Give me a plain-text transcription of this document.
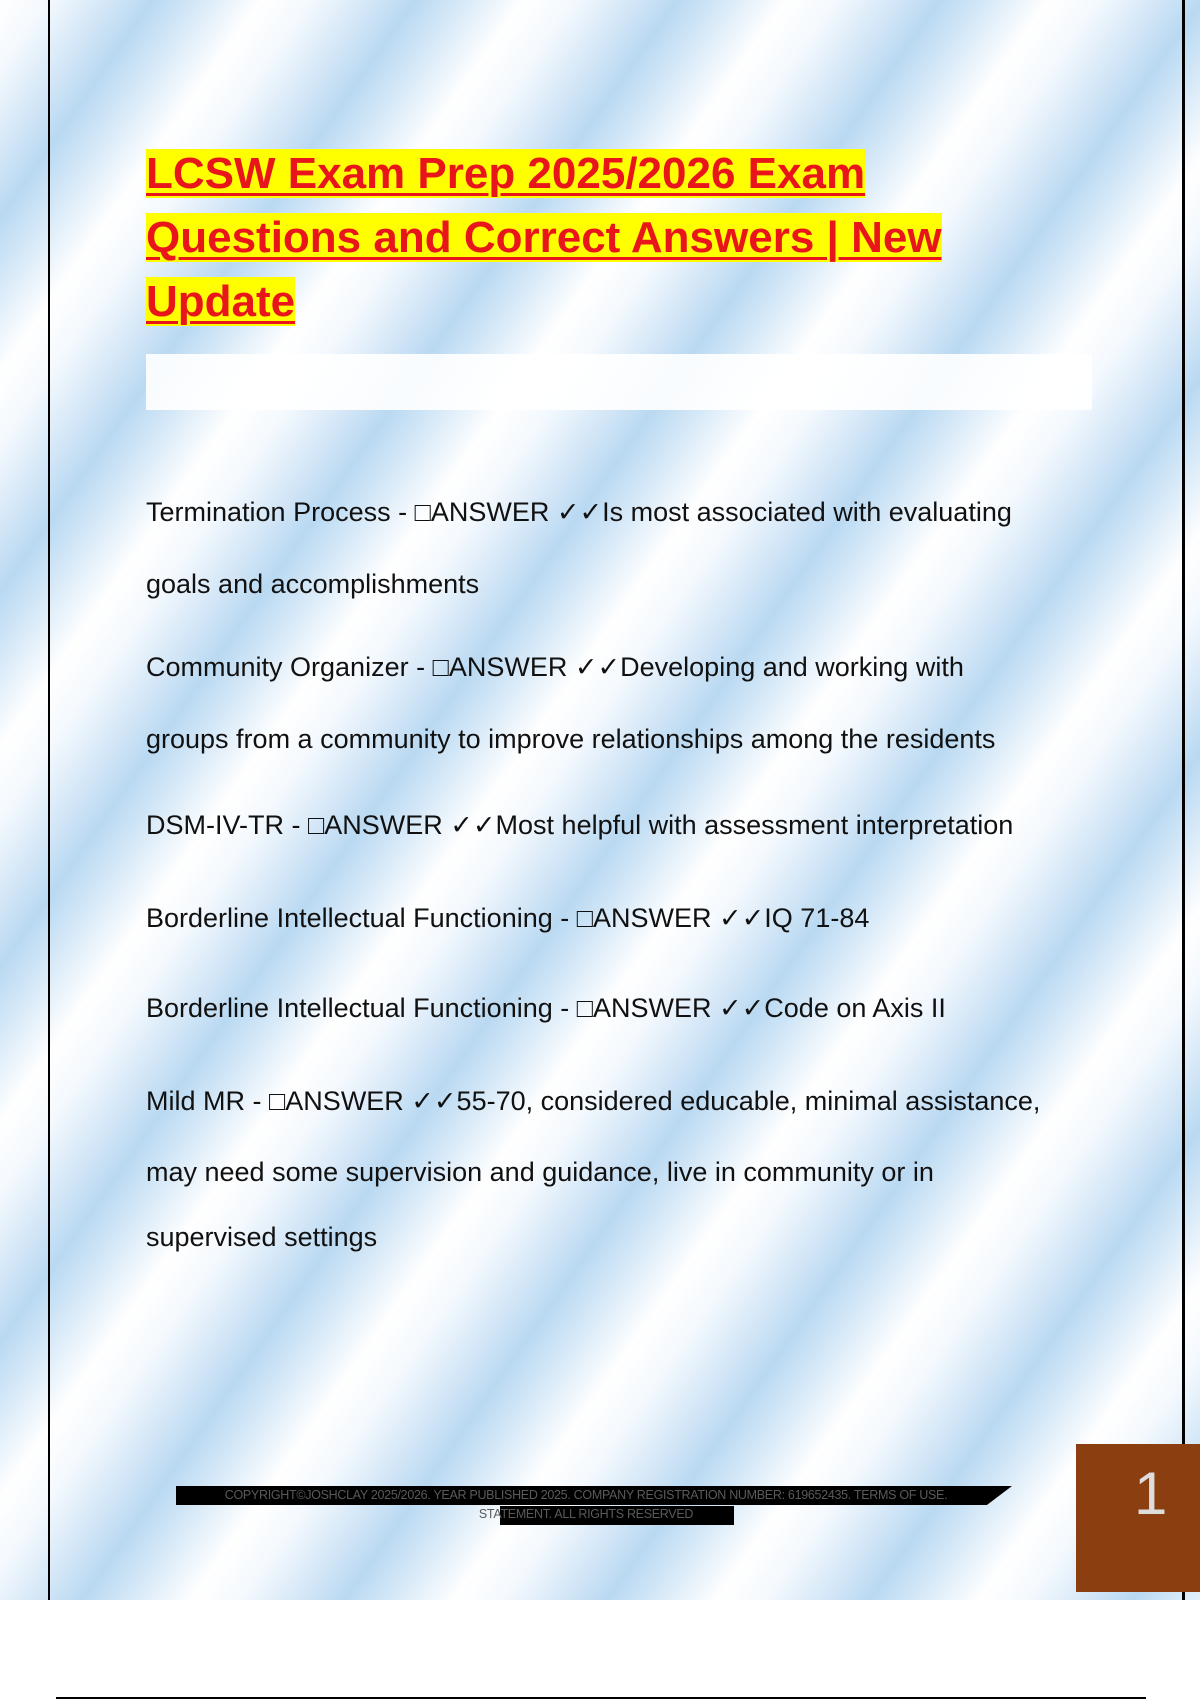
LCSW Exam Prep 2025/2026 Exam
Questions and Correct Answers | New
Update

Termination Process - □ANSWER ✓✓Is most associated with evaluating
goals and accomplishments

Community Organizer - □ANSWER ✓✓Developing and working with
groups from a community to improve relationships among the residents

DSM-IV-TR - □ANSWER ✓✓Most helpful with assessment interpretation

Borderline Intellectual Functioning - □ANSWER ✓✓IQ 71-84

Borderline Intellectual Functioning - □ANSWER ✓✓Code on Axis II

Mild MR - □ANSWER ✓✓55-70, considered educable, minimal assistance,

may need some supervision and guidance, live in community or in

supervised settings

COPYRIGHT©JOSHCLAY 2025/2026. YEAR PUBLISHED 2025. COMPANY REGISTRATION NUMBER: 619652435. TERMS OF USE.
STATEMENT. ALL RIGHTS RESERVED	1
